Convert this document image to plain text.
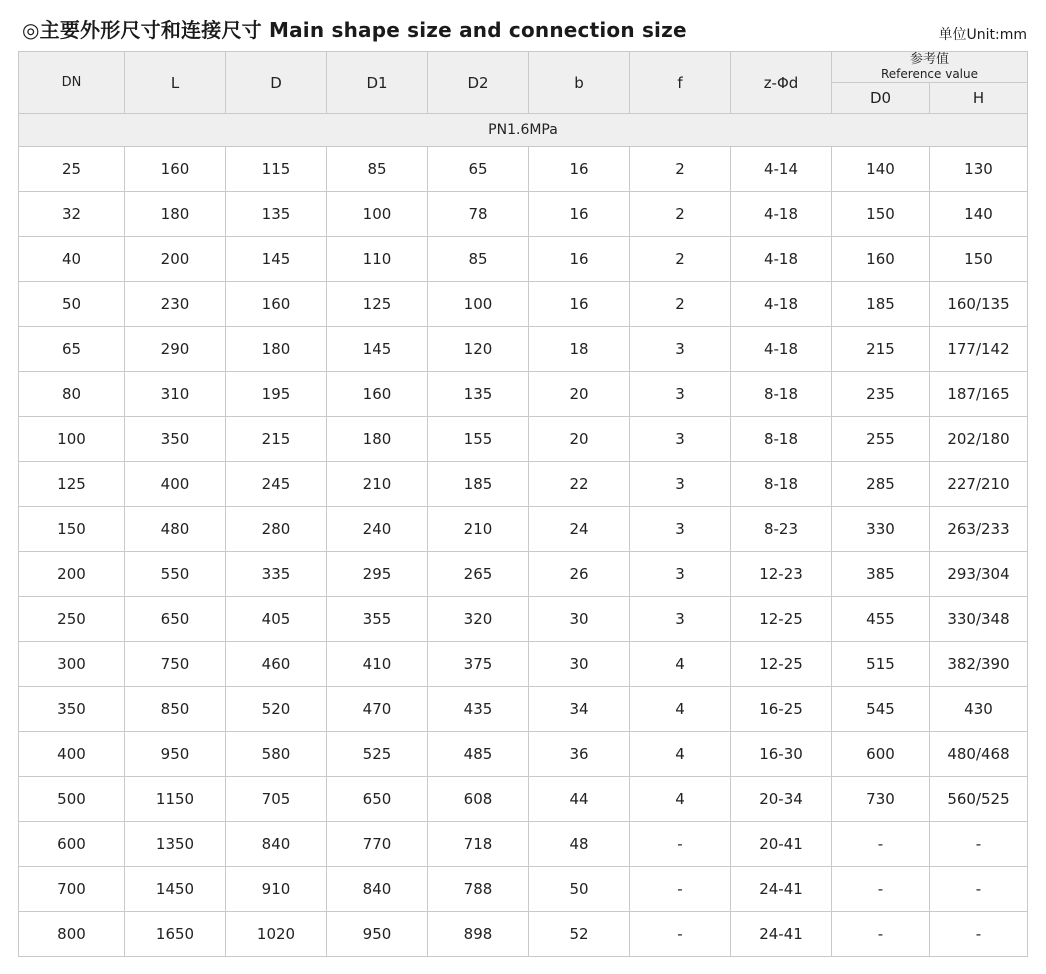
◎主要外形尺寸和连接尺寸 Main shape size and connection size	单位Unit:mm
DN	L	D	D1	D2	b	f	z-Φd	参考值
Reference value	

								D0	H
PN1.6MPa									
25	160	115	85	65	16	2	4-14	140	130
32	180	135	100	78	16	2	4-18	150	140
40	200	145	110	85	16	2	4-18	160	150
50	230	160	125	100	16	2	4-18	185	160/135
65	290	180	145	120	18	3	4-18	215	177/142
80	310	195	160	135	20	3	8-18	235	187/165
100	350	215	180	155	20	3	8-18	255	202/180
125	400	245	210	185	22	3	8-18	285	227/210
150	480	280	240	210	24	3	8-23	330	263/233
200	550	335	295	265	26	3	12-23	385	293/304
250	650	405	355	320	30	3	12-25	455	330/348
300	750	460	410	375	30	4	12-25	515	382/390
350	850	520	470	435	34	4	16-25	545	430
400	950	580	525	485	36	4	16-30	600	480/468
500	1150	705	650	608	44	4	20-34	730	560/525
600	1350	840	770	718	48	-	20-41	-	-
700	1450	910	840	788	50	-	24-41	-	-
800	1650	1020	950	898	52	-	24-41	-	-
